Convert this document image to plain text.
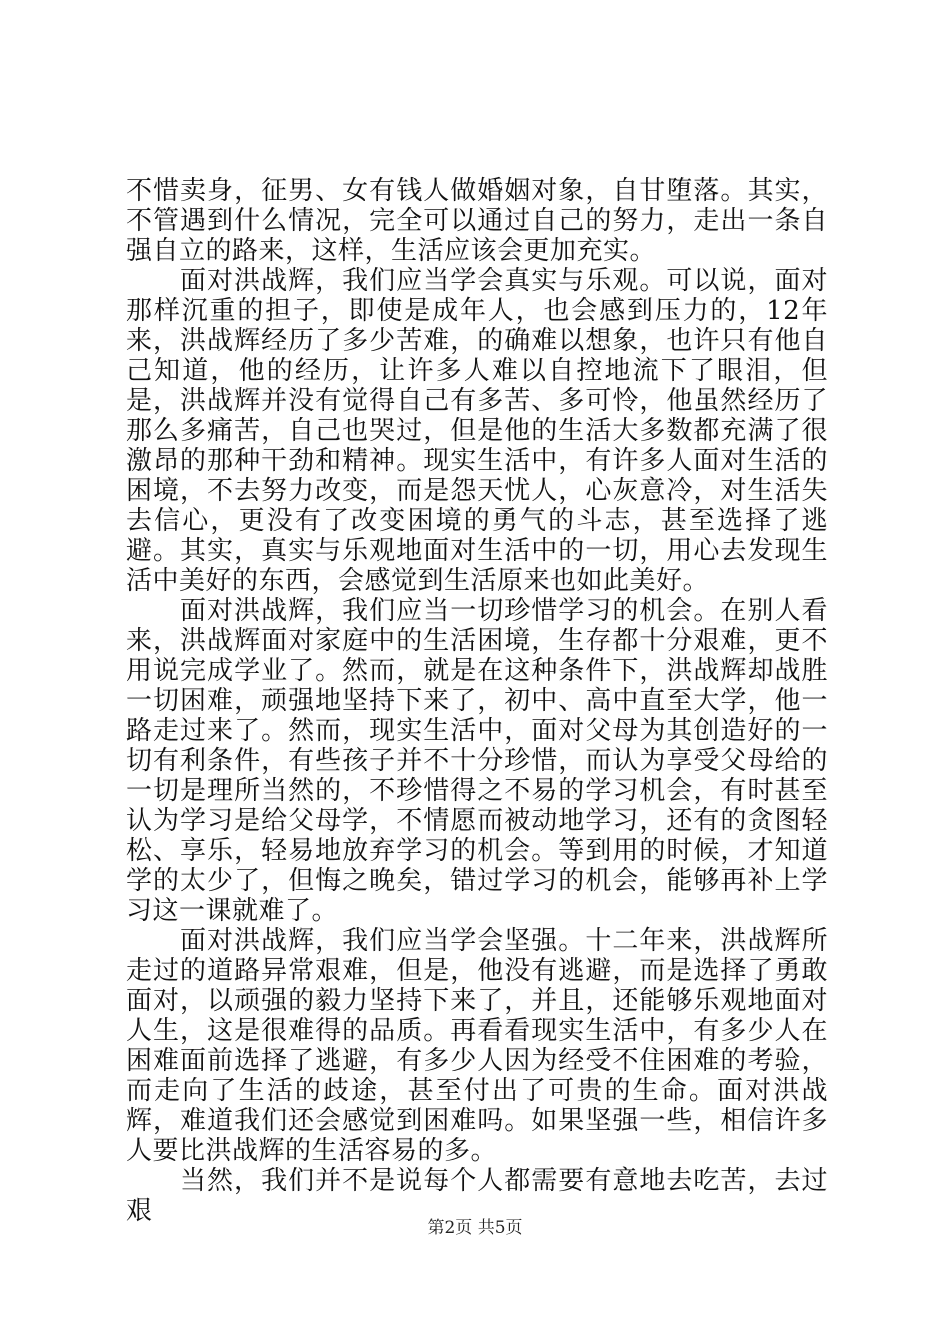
不惜卖身，征男、女有钱人做婚姻对象，自甘堕落。其实，不管遇到什么情况，完全可以通过自己的努力，走出一条自强自立的路来，这样，生活应该会更加充实。

面对洪战辉，我们应当学会真实与乐观。可以说，面对那样沉重的担子，即使是成年人，也会感到压力的，12年来，洪战辉经历了多少苦难，的确难以想象，也许只有他自己知道，他的经历，让许多人难以自控地流下了眼泪，但是，洪战辉并没有觉得自己有多苦、多可怜，他虽然经历了那么多痛苦，自己也哭过，但是他的生活大多数都充满了很激昂的那种干劲和精神。现实生活中，有许多人面对生活的困境，不去努力改变，而是怨天忧人，心灰意冷，对生活失去信心，更没有了改变困境的勇气的斗志，甚至选择了逃避。其实，真实与乐观地面对生活中的一切，用心去发现生活中美好的东西，会感觉到生活原来也如此美好。

面对洪战辉，我们应当一切珍惜学习的机会。在别人看来，洪战辉面对家庭中的生活困境，生存都十分艰难，更不用说完成学业了。然而，就是在这种条件下，洪战辉却战胜一切困难，顽强地坚持下来了，初中、高中直至大学，他一路走过来了。然而，现实生活中，面对父母为其创造好的一切有利条件，有些孩子并不十分珍惜，而认为享受父母给的一切是理所当然的，不珍惜得之不易的学习机会，有时甚至认为学习是给父母学，不情愿而被动地学习，还有的贪图轻松、享乐，轻易地放弃学习的机会。等到用的时候，才知道学的太少了，但悔之晚矣，错过学习的机会，能够再补上学习这一课就难了。

面对洪战辉，我们应当学会坚强。十二年来，洪战辉所走过的道路异常艰难，但是，他没有逃避，而是选择了勇敢面对，以顽强的毅力坚持下来了，并且，还能够乐观地面对人生，这是很难得的品质。再看看现实生活中，有多少人在困难面前选择了逃避，有多少人因为经受不住困难的考验，而走向了生活的歧途，甚至付出了可贵的生命。面对洪战辉，难道我们还会感觉到困难吗。如果坚强一些，相信许多人要比洪战辉的生活容易的多。

当然，我们并不是说每个人都需要有意地去吃苦，去过艰

第2页 共5页
